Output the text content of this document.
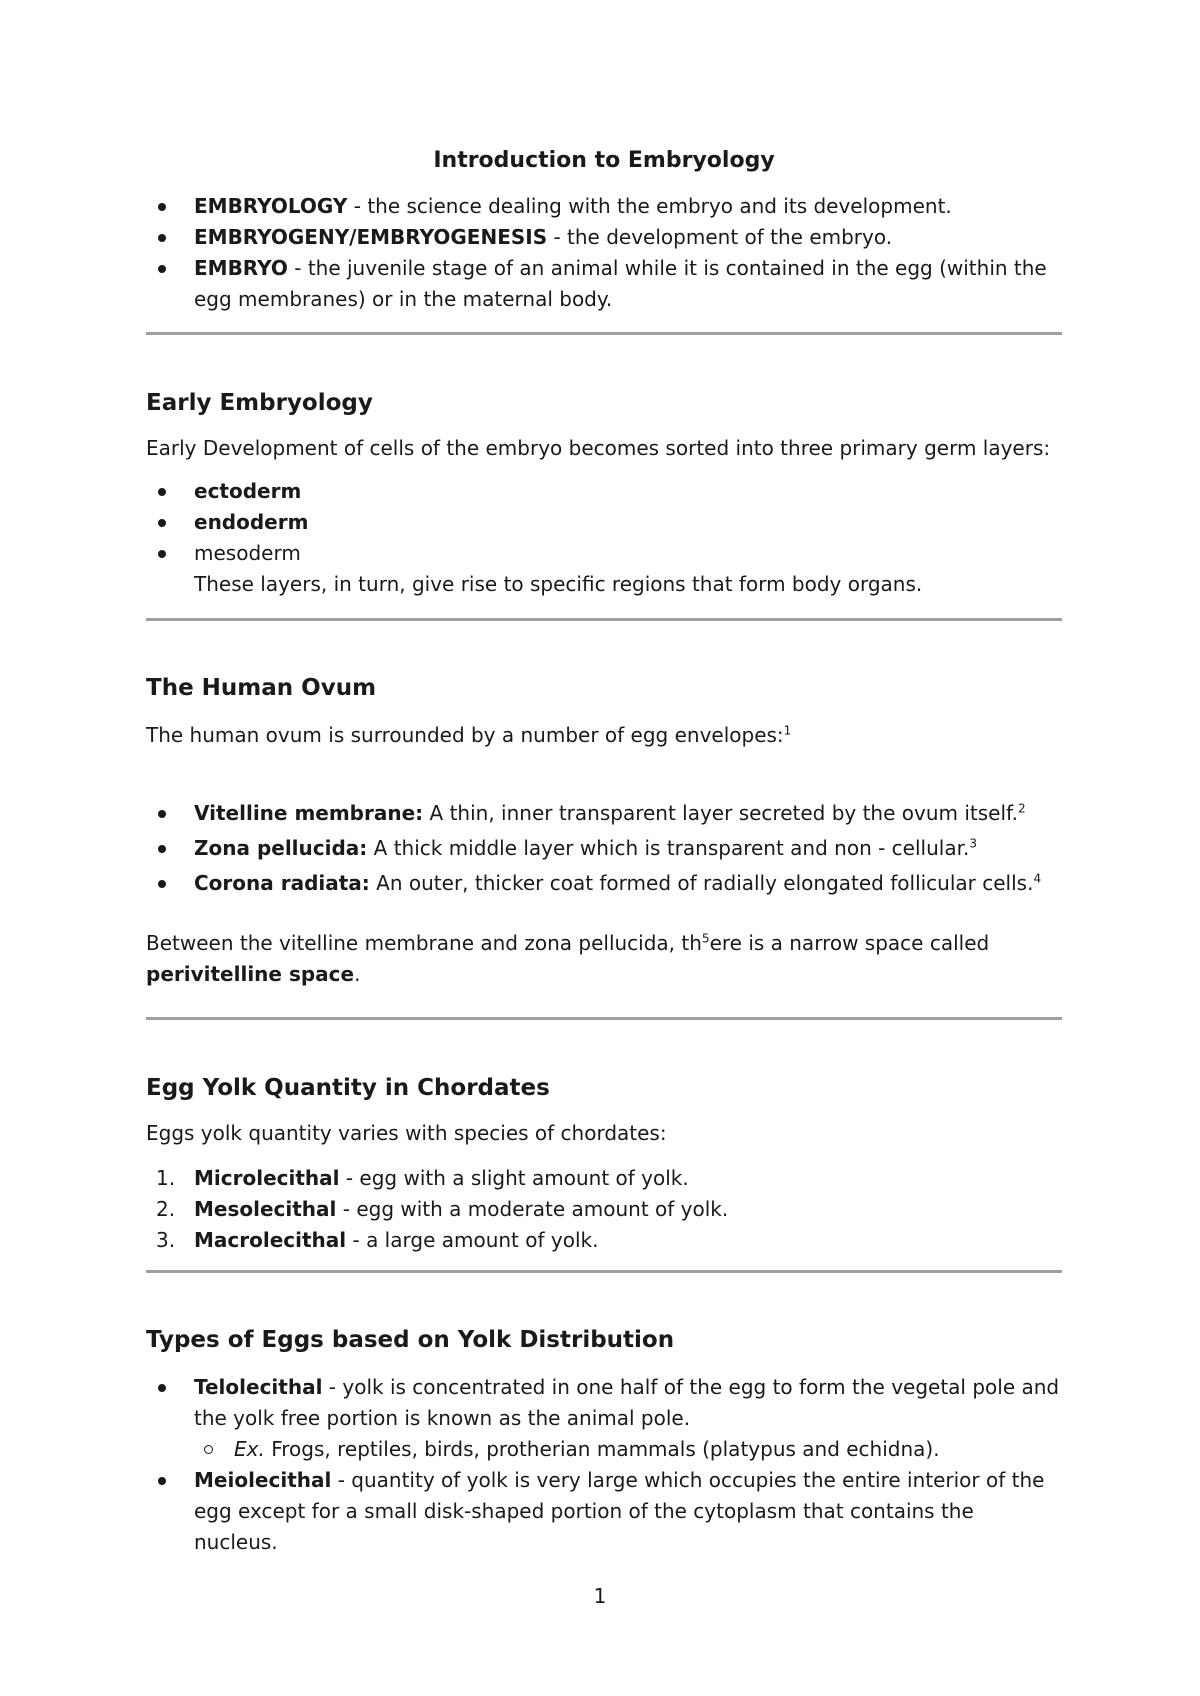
Introduction to Embryology
EMBRYOLOGY - the science dealing with the embryo and its development.
EMBRYOGENY/EMBRYOGENESIS - the development of the embryo.
EMBRYO - the juvenile stage of an animal while it is contained in the egg (within the egg membranes) or in the maternal body.
Early Embryology

Early Development of cells of the embryo becomes sorted into three primary germ layers:

ectoderm
endoderm
mesoderm
These layers, in turn, give rise to specific regions that form body organs.
The Human Ovum

The human ovum is surrounded by a number of egg envelopes:$^1$

Vitelline membrane: A thin, inner transparent layer secreted by the ovum itself.$^2$
Zona pellucida: A thick middle layer which is transparent and non - cellular.$^3$
Corona radiata: An outer, thicker coat formed of radially elongated follicular cells.$^4$

Between the vitelline membrane and zona pellucida, $th^5ere$ is a narrow space called
perivitelline space.

Egg Yolk Quantity in Chordates

Eggs yolk quantity varies with species of chordates:

1. Microlecithal - egg with a slight amount of yolk.
2. Mesolecithal - egg with a moderate amount of yolk.
3. Macrolecithal - a large amount of yolk.
Types of Eggs based on Yolk Distribution
Telolecithal - yolk is concentrated in one half of the egg to form the vegetal pole and the yolk free portion is known as the animal pole.
Ex. Frogs, reptiles, birds, protherian mammals (platypus and echidna).
Meiolecithal - quantity of yolk is very large which occupies the entire interior of the egg except for a small disk-shaped portion of the cytoplasm that contains the nucleus.
1
